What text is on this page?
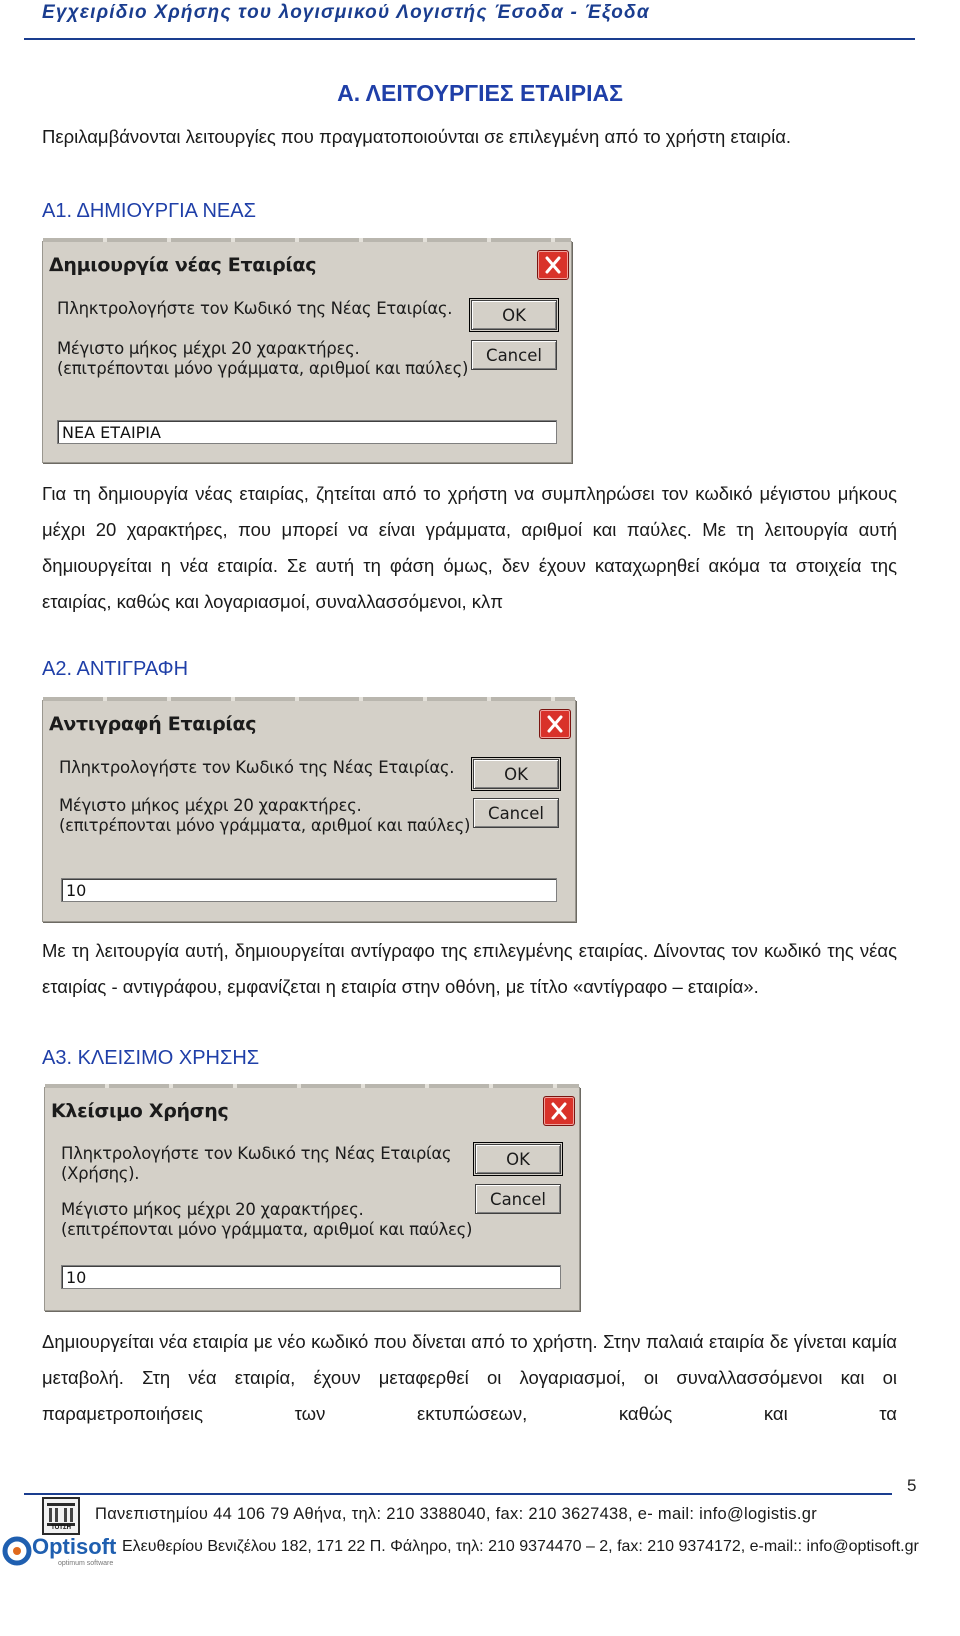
Εγχειρίδιο Χρήσης του λογισμικού Λογιστής Έσοδα - Έξοδα
Α. ΛΕΙΤΟΥΡΓΙΕΣ ΕΤΑΙΡΙΑΣ
Περιλαμβάνονται λειτουργίες που πραγματοποιούνται σε επιλεγμένη από το χρήστη εταιρία.
Α1. ΔΗΜΙΟΥΡΓΙΑ ΝΕΑΣ
Δημιουργία νέας Εταιρίας
Πληκτρολογήστε τον Κωδικό της Νέας Εταιρίας.
Μέγιστο μήκος μέχρι 20 χαρακτήρες.
(επιτρέπονται μόνο γράμματα, αριθμοί και παύλες)
OK
Cancel
ΝΕΑ ΕΤΑΙΡΙΑ
Για τη δημιουργία νέας εταιρίας, ζητείται από το χρήστη να συμπληρώσει τον κωδικό μέγιστου μήκους μέχρι 20 χαρακτήρες, που μπορεί να είναι γράμματα, αριθμοί και παύλες. Με τη λειτουργία αυτή δημιουργείται η νέα εταιρία. Σε αυτή τη φάση όμως, δεν έχουν καταχωρηθεί ακόμα τα στοιχεία της εταιρίας, καθώς και λογαριασμοί, συναλλασσόμενοι, κλπ
Α2. ΑΝΤΙΓΡΑΦΗ
Αντιγραφή Εταιρίας
Πληκτρολογήστε τον Κωδικό της Νέας Εταιρίας.
Μέγιστο μήκος μέχρι 20 χαρακτήρες.
(επιτρέπονται μόνο γράμματα, αριθμοί και παύλες)
OK
Cancel
10
Με τη λειτουργία αυτή, δημιουργείται αντίγραφο της επιλεγμένης εταιρίας. Δίνοντας τον κωδικό της νέας εταιρίας - αντιγράφου, εμφανίζεται η εταιρία στην οθόνη, με τίτλο «αντίγραφο – εταιρία».
Α3. ΚΛΕΙΣΙΜΟ ΧΡΗΣΗΣ
Κλείσιμο Χρήσης
Πληκτρολογήστε τον Κωδικό της Νέας Εταιρίας
(Χρήσης).
Μέγιστο μήκος μέχρι 20 χαρακτήρες.
(επιτρέπονται μόνο γράμματα, αριθμοί και παύλες)
OK
Cancel
10
Δημιουργείται νέα εταιρία με νέο κωδικό που δίνεται από το χρήστη. Στην παλαιά εταιρία δε γίνεται καμία μεταβολή. Στη νέα εταιρία, έχουν μεταφερθεί οι λογαριασμοί, οι συναλλασσόμενοι και οι παραμετροποιήσεις των εκτυπώσεων, καθώς και τα
5
ΤΟΤΣΗ
Πανεπιστημίου 44 106 79 Αθήνα, τηλ: 210 3388040, fax: 210 3627438, e- mail: info@logistis.gr
Optisoft
optimum software
Ελευθερίου Βενιζέλου 182, 171 22 Π. Φάληρο, τηλ: 210 9374470 – 2, fax: 210 9374172, e-mail:: info@optisoft.gr
